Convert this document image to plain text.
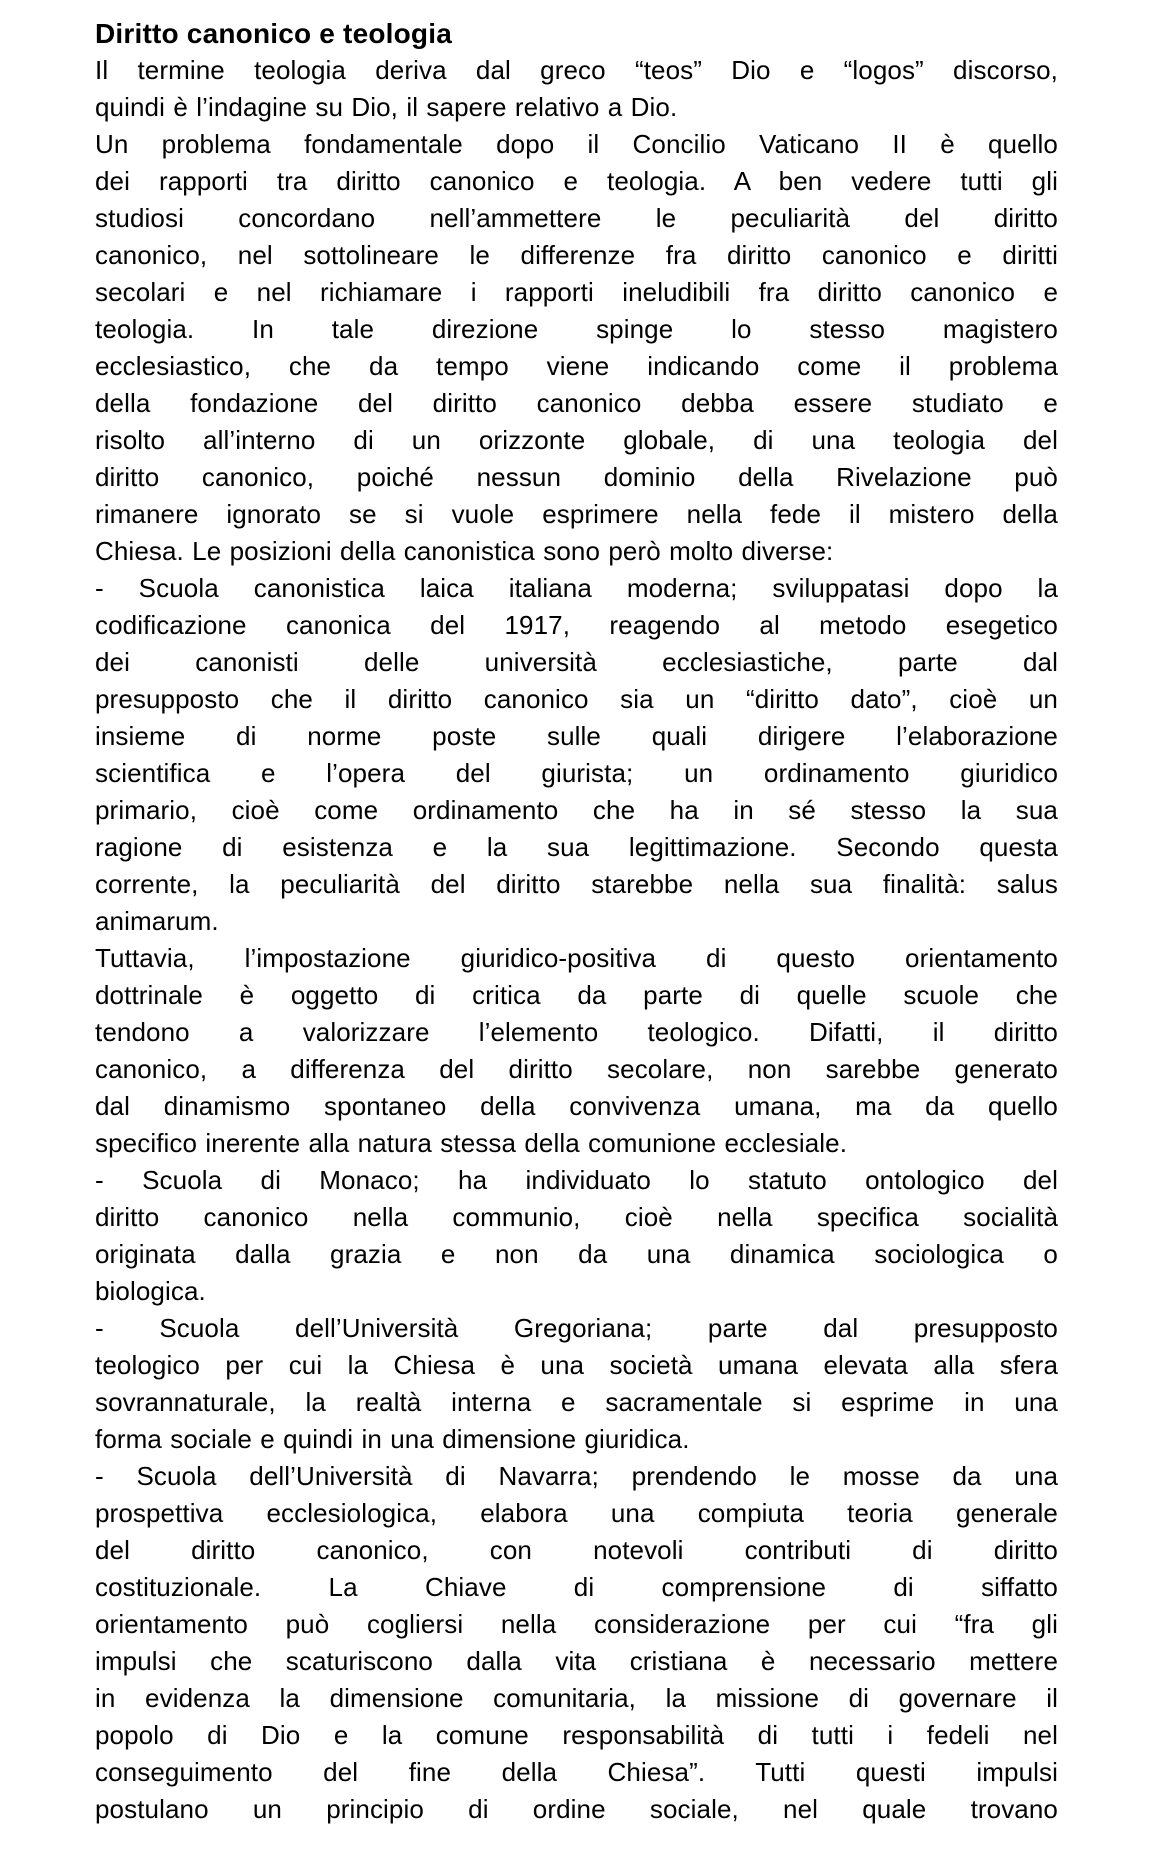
Diritto canonico e teologia
Il termine teologia deriva dal greco “teos” Dio e “logos” discorso,
quindi è l’indagine su Dio, il sapere relativo a Dio.
Un problema fondamentale dopo il Concilio Vaticano II è quello
dei rapporti tra diritto canonico e teologia. A ben vedere tutti gli
studiosi concordano nell’ammettere le peculiarità del diritto
canonico, nel sottolineare le differenze fra diritto canonico e diritti
secolari e nel richiamare i rapporti ineludibili fra diritto canonico e
teologia. In tale direzione spinge lo stesso magistero
ecclesiastico, che da tempo viene indicando come il problema
della fondazione del diritto canonico debba essere studiato e
risolto all’interno di un orizzonte globale, di una teologia del
diritto canonico, poiché nessun dominio della Rivelazione può
rimanere ignorato se si vuole esprimere nella fede il mistero della
Chiesa. Le posizioni della canonistica sono però molto diverse:
- Scuola canonistica laica italiana moderna; sviluppatasi dopo la
codificazione canonica del 1917, reagendo al metodo esegetico
dei canonisti delle università ecclesiastiche, parte dal
presupposto che il diritto canonico sia un “diritto dato”, cioè un
insieme di norme poste sulle quali dirigere l’elaborazione
scientifica e l’opera del giurista; un ordinamento giuridico
primario, cioè come ordinamento che ha in sé stesso la sua
ragione di esistenza e la sua legittimazione. Secondo questa
corrente, la peculiarità del diritto starebbe nella sua finalità: salus
animarum.
Tuttavia, l’impostazione giuridico-positiva di questo orientamento
dottrinale è oggetto di critica da parte di quelle scuole che
tendono a valorizzare l’elemento teologico. Difatti, il diritto
canonico, a differenza del diritto secolare, non sarebbe generato
dal dinamismo spontaneo della convivenza umana, ma da quello
specifico inerente alla natura stessa della comunione ecclesiale.
- Scuola di Monaco; ha individuato lo statuto ontologico del
diritto canonico nella communio, cioè nella specifica socialità
originata dalla grazia e non da una dinamica sociologica o
biologica.
- Scuola dell’Università Gregoriana; parte dal presupposto
teologico per cui la Chiesa è una società umana elevata alla sfera
sovrannaturale, la realtà interna e sacramentale si esprime in una
forma sociale e quindi in una dimensione giuridica.
- Scuola dell’Università di Navarra; prendendo le mosse da una
prospettiva ecclesiologica, elabora una compiuta teoria generale
del diritto canonico, con notevoli contributi di diritto
costituzionale. La Chiave di comprensione di siffatto
orientamento può cogliersi nella considerazione per cui “fra gli
impulsi che scaturiscono dalla vita cristiana è necessario mettere
in evidenza la dimensione comunitaria, la missione di governare il
popolo di Dio e la comune responsabilità di tutti i fedeli nel
conseguimento del fine della Chiesa”. Tutti questi impulsi
postulano un principio di ordine sociale, nel quale trovano
